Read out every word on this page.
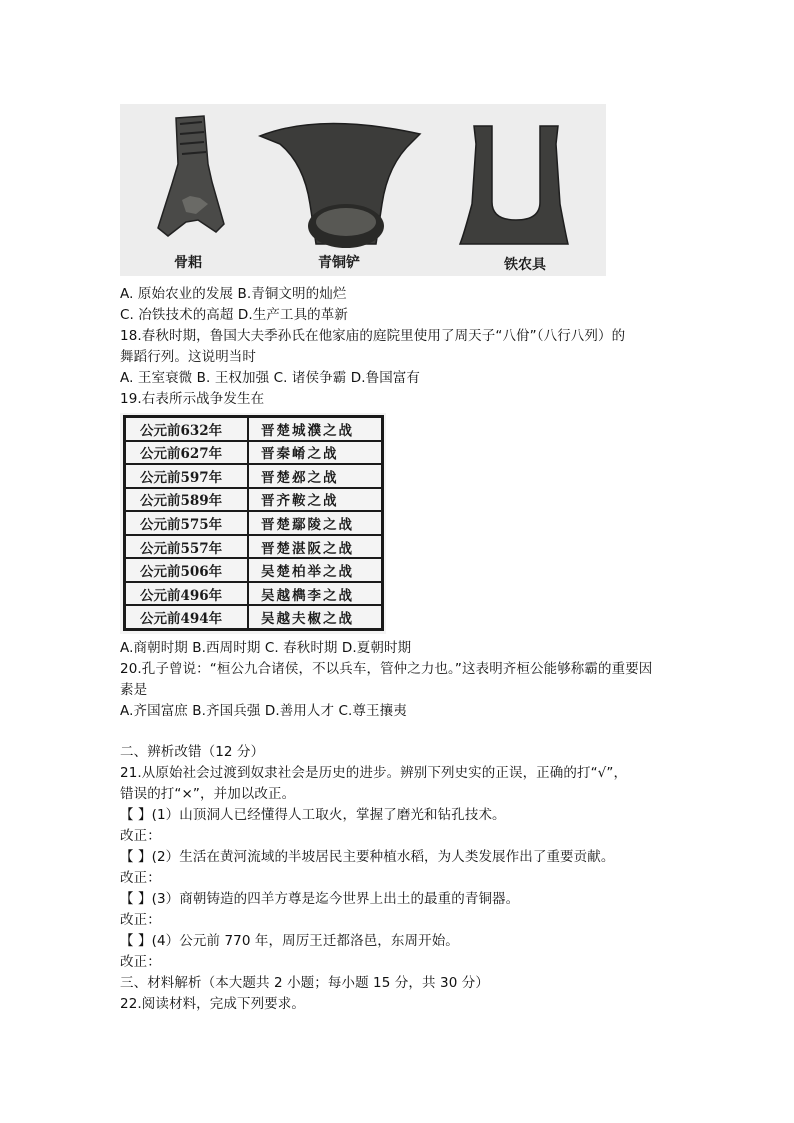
骨耜	青铜铲	铁农具
A. 原始农业的发展 B.青铜文明的灿烂
C. 冶铁技术的高超 D.生产工具的革新
18.春秋时期，鲁国大夫季孙氏在他家庙的庭院里使用了周天子“八佾”（八行八列）的
舞蹈行列。这说明当时
A. 王室衰微 B. 王权加强 C. 诸侯争霸 D.鲁国富有
19.右表所示战争发生在
公元前632年	晋楚城濮之战
公元前627年	晋秦崤之战
公元前597年	晋楚邲之战
公元前589年	晋齐鞍之战
公元前575年	晋楚鄢陵之战
公元前557年	晋楚湛阪之战
公元前506年	吴楚柏举之战
公元前496年	吴越檇李之战
公元前494年	吴越夫椒之战
A.商朝时期 B.西周时期 C. 春秋时期 D.夏朝时期
20.孔子曾说：“桓公九合诸侯，不以兵车，管仲之力也。”这表明齐桓公能够称霸的重要因
素是
A.齐国富庶 B.齐国兵强 D.善用人才 C.尊王攘夷
二、辨析改错（12 分）
21.从原始社会过渡到奴隶社会是历史的进步。辨别下列史实的正误，正确的打“√”，
错误的打“×”，并加以改正。
【 】(1）山顶洞人已经懂得人工取火，掌握了磨光和钻孔技术。
改正：
【 】(2）生活在黄河流域的半坡居民主要种植水稻，为人类发展作出了重要贡献。
改正：
【 】(3）商朝铸造的四羊方尊是迄今世界上出土的最重的青铜器。
改正：
【 】(4）公元前 770 年，周厉王迁都洛邑，东周开始。
改正：
三、材料解析（本大题共 2 小题；每小题 15 分，共 30 分）
22.阅读材料，完成下列要求。
